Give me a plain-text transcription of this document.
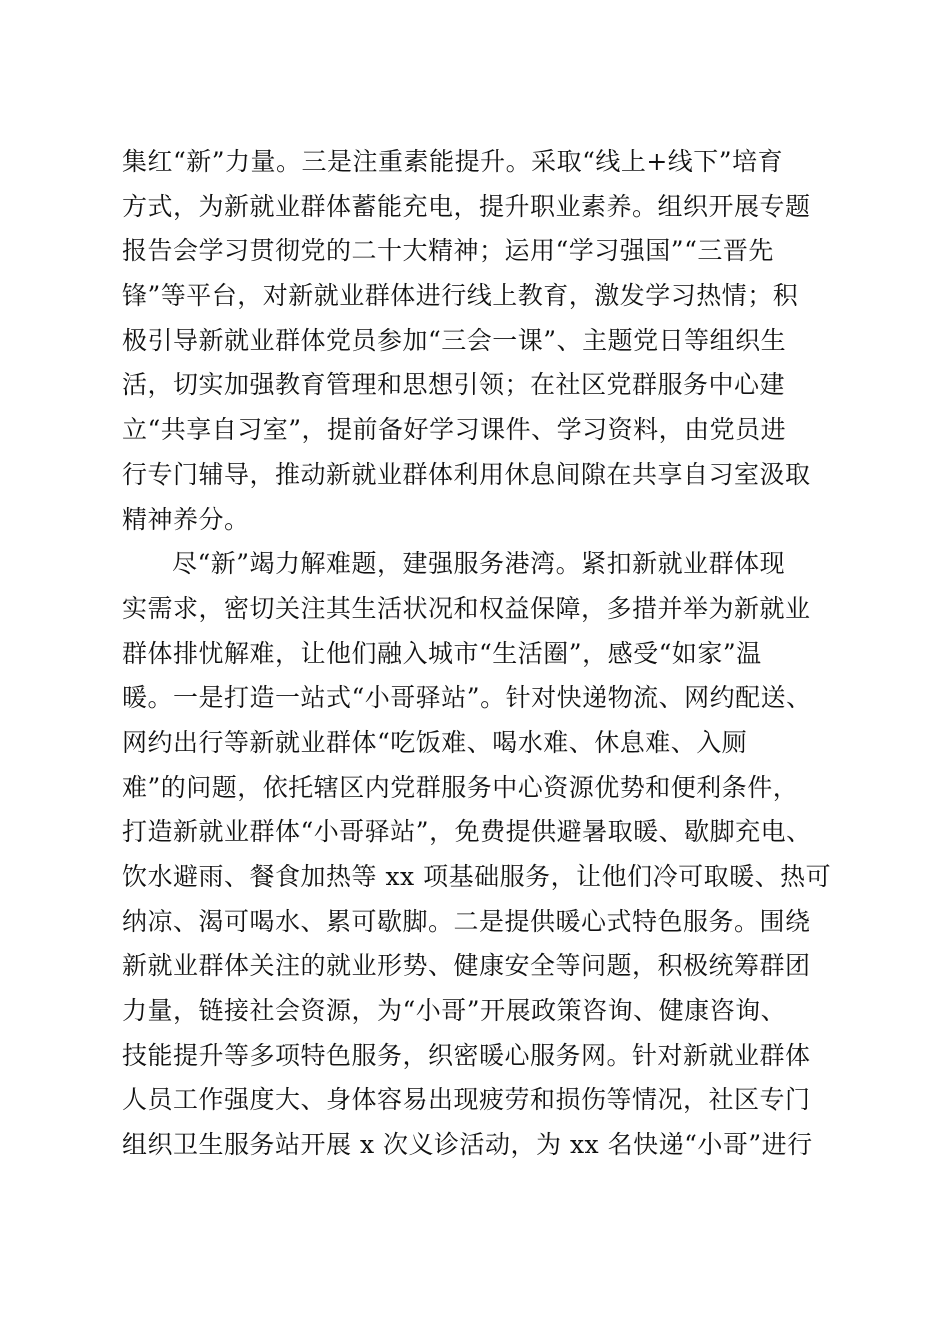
集红“新”力量。三是注重素能提升。采取“线上+线下”培育
方式，为新就业群体蓄能充电，提升职业素养。组织开展专题
报告会学习贯彻党的二十大精神；运用“学习强国”“三晋先
锋”等平台，对新就业群体进行线上教育，激发学习热情；积
极引导新就业群体党员参加“三会一课”、主题党日等组织生
活，切实加强教育管理和思想引领；在社区党群服务中心建
立“共享自习室”，提前备好学习课件、学习资料，由党员进
行专门辅导，推动新就业群体利用休息间隙在共享自习室汲取
精神养分。
尽“新”竭力解难题，建强服务港湾。紧扣新就业群体现
实需求，密切关注其生活状况和权益保障，多措并举为新就业
群体排忧解难，让他们融入城市“生活圈”，感受“如家”温
暖。一是打造一站式“小哥驿站”。针对快递物流、网约配送、
网约出行等新就业群体“吃饭难、喝水难、休息难、入厕
难”的问题，依托辖区内党群服务中心资源优势和便利条件，
打造新就业群体“小哥驿站”，免费提供避暑取暖、歇脚充电、
饮水避雨、餐食加热等 xx 项基础服务，让他们冷可取暖、热可
纳凉、渴可喝水、累可歇脚。二是提供暖心式特色服务。围绕
新就业群体关注的就业形势、健康安全等问题，积极统筹群团
力量，链接社会资源，为“小哥”开展政策咨询、健康咨询、
技能提升等多项特色服务，织密暖心服务网。针对新就业群体
人员工作强度大、身体容易出现疲劳和损伤等情况，社区专门
组织卫生服务站开展 x 次义诊活动，为 xx 名快递“小哥”进行
